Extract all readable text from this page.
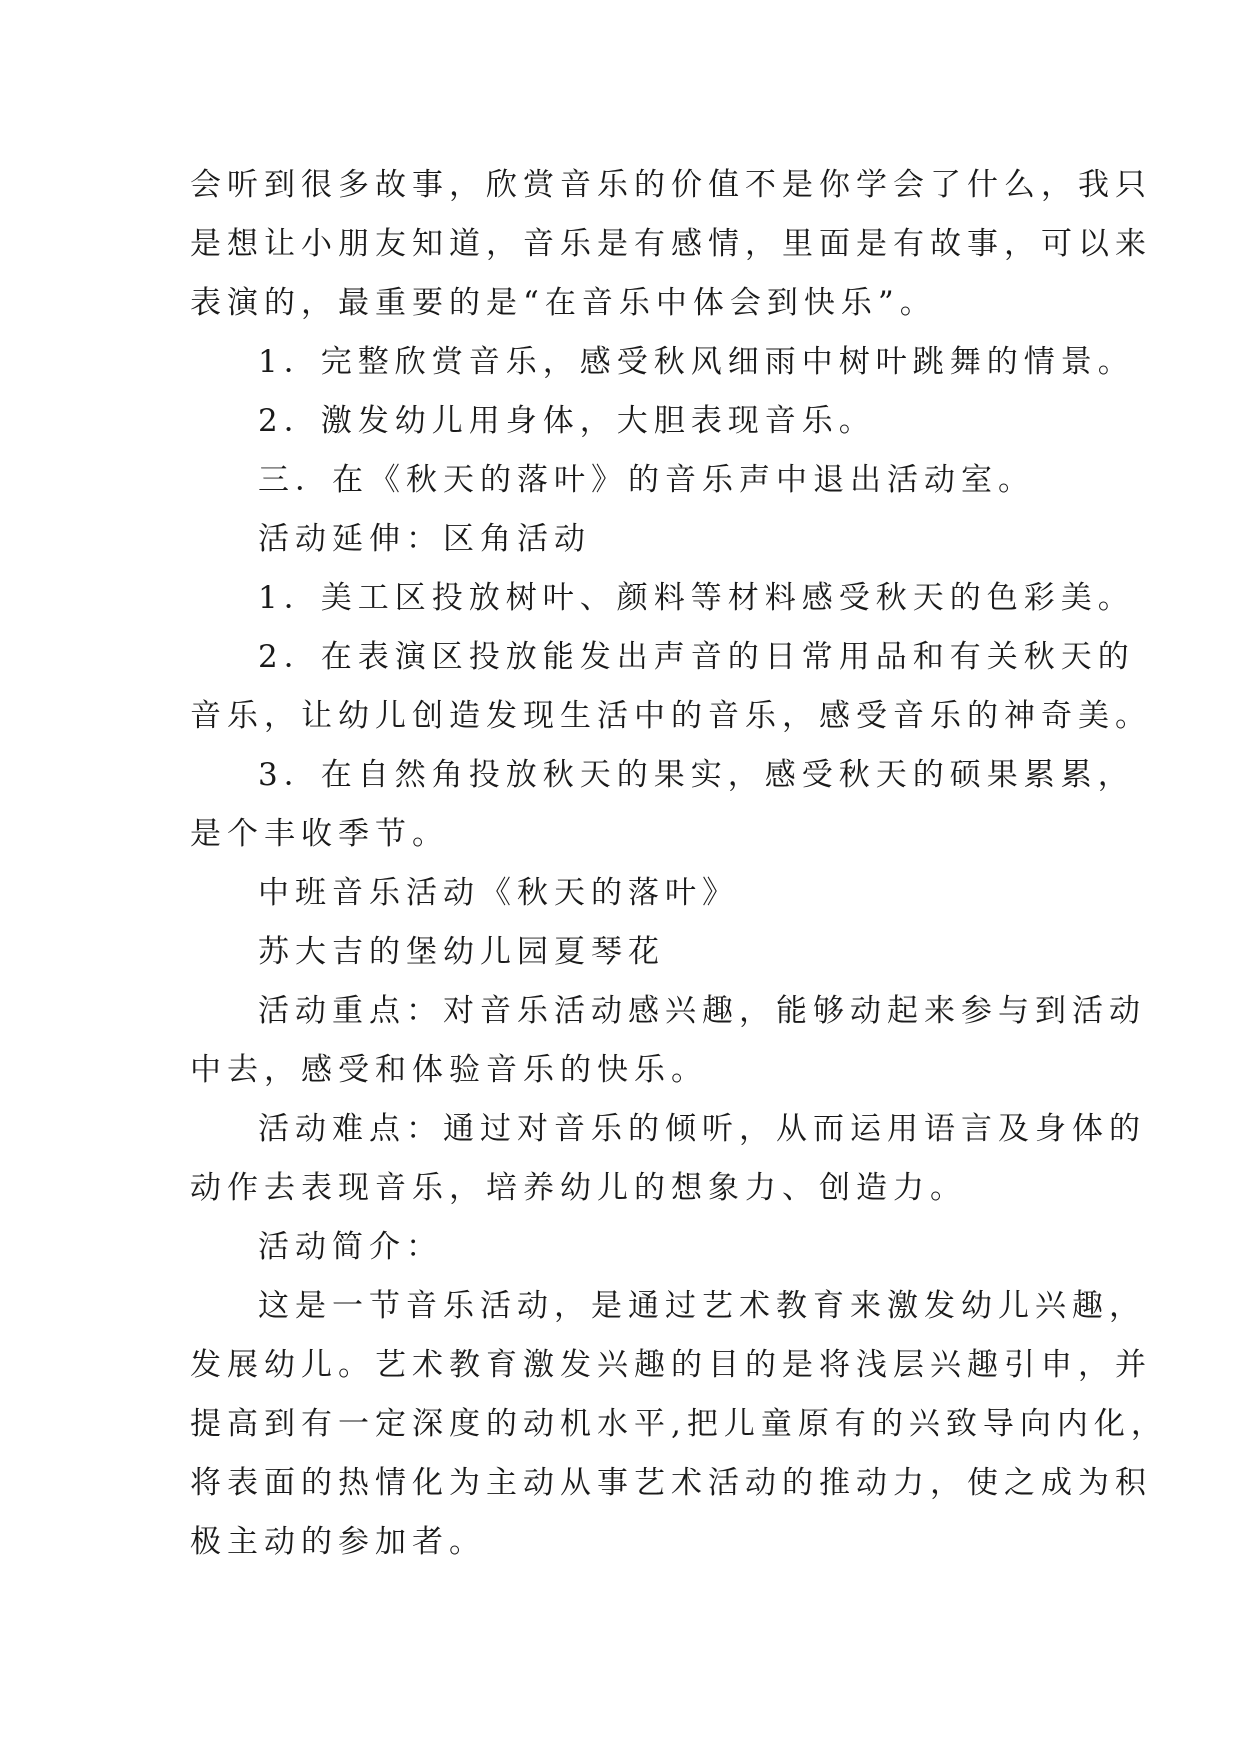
会听到很多故事，欣赏音乐的价值不是你学会了什么，我只

是想让小朋友知道，音乐是有感情，里面是有故事，可以来

表演的，最重要的是“在音乐中体会到快乐”。

1．完整欣赏音乐，感受秋风细雨中树叶跳舞的情景。

2．激发幼儿用身体，大胆表现音乐。

三．在《秋天的落叶》的音乐声中退出活动室。

活动延伸：区角活动

1．美工区投放树叶、颜料等材料感受秋天的色彩美。

2．在表演区投放能发出声音的日常用品和有关秋天的

音乐，让幼儿创造发现生活中的音乐，感受音乐的神奇美。

3．在自然角投放秋天的果实，感受秋天的硕果累累，

是个丰收季节。

中班音乐活动《秋天的落叶》

苏大吉的堡幼儿园夏琴花

活动重点：对音乐活动感兴趣，能够动起来参与到活动

中去，感受和体验音乐的快乐。

活动难点：通过对音乐的倾听，从而运用语言及身体的

动作去表现音乐，培养幼儿的想象力、创造力。

活动简介：

这是一节音乐活动，是通过艺术教育来激发幼儿兴趣，

发展幼儿。艺术教育激发兴趣的目的是将浅层兴趣引申，并

提高到有一定深度的动机水平,把儿童原有的兴致导向内化，

将表面的热情化为主动从事艺术活动的推动力，使之成为积

极主动的参加者。
